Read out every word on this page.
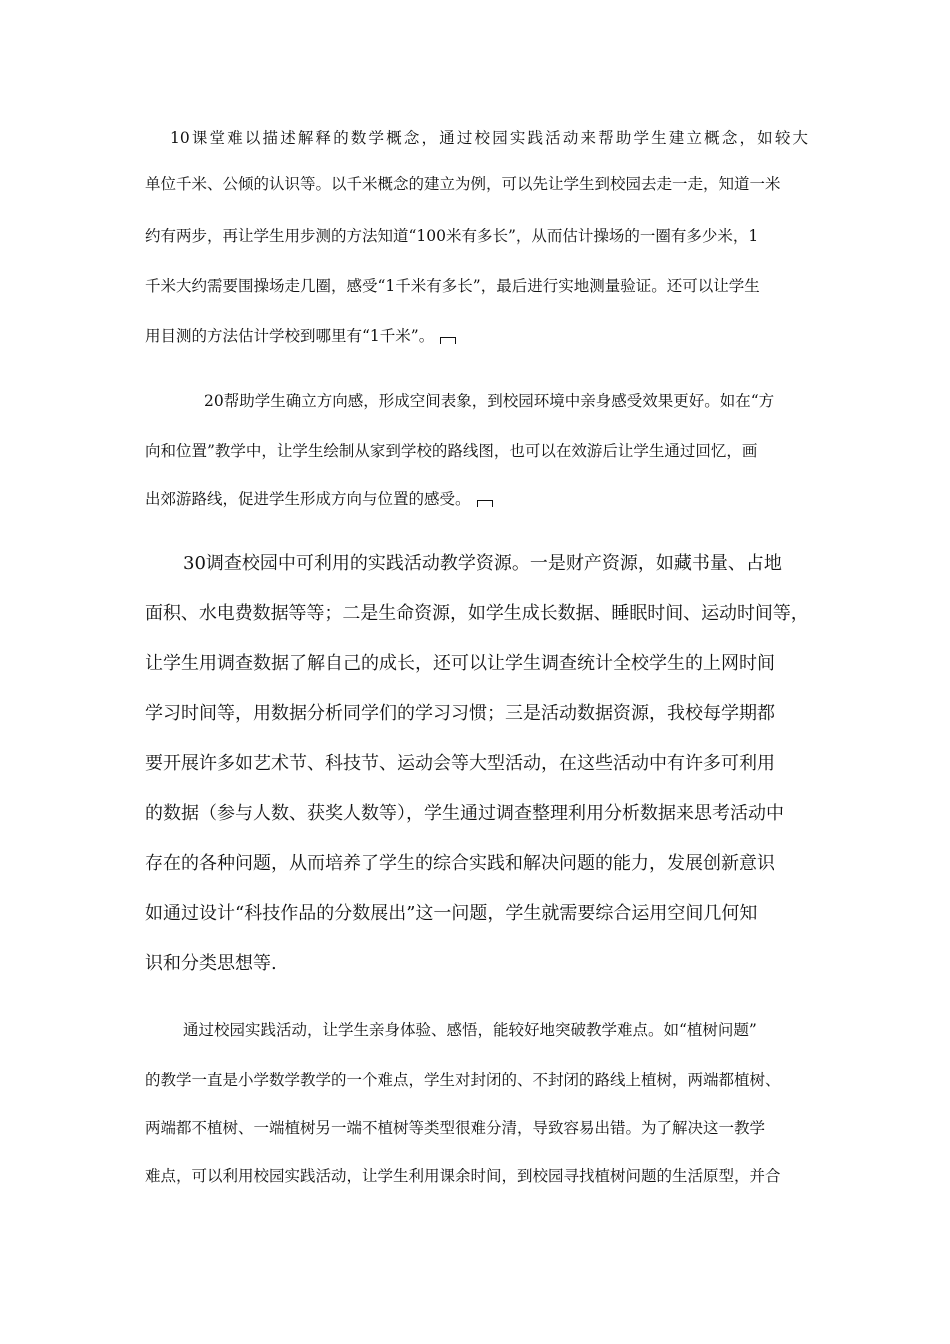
10课堂难以描述解释的数学概念，通过校园实践活动来帮助学生建立概念，如较大
单位千米、公倾的认识等。以千米概念的建立为例，可以先让学生到校园去走一走，知道一米
约有两步，再让学生用步测的方法知道“100米有多长”，从而估计操场的一圈有多少米，1
千米大约需要围操场走几圈，感受“1千米有多长”，最后进行实地测量验证。还可以让学生
用目测的方法估计学校到哪里有“1千米”。
20帮助学生确立方向感，形成空间表象，到校园环境中亲身感受效果更好。如在“方
向和位置”教学中，让学生绘制从家到学校的路线图，也可以在效游后让学生通过回忆，画
出郊游路线，促进学生形成方向与位置的感受。
30调查校园中可利用的实践活动教学资源。一是财产资源，如藏书量、占地
面积、水电费数据等等；二是生命资源，如学生成长数据、睡眠时间、运动时间等，
让学生用调查数据了解自己的成长，还可以让学生调查统计全校学生的上网时间
学习时间等，用数据分析同学们的学习习惯；三是活动数据资源，我校每学期都
要开展许多如艺术节、科技节、运动会等大型活动，在这些活动中有许多可利用
的数据（参与人数、获奖人数等），学生通过调查整理利用分析数据来思考活动中
存在的各种问题，从而培养了学生的综合实践和解决问题的能力，发展创新意识
如通过设计“科技作品的分数展出”这一问题，学生就需要综合运用空间几何知
识和分类思想等.
通过校园实践活动，让学生亲身体验、感悟，能较好地突破教学难点。如“植树问题”
的教学一直是小学数学教学的一个难点，学生对封闭的、不封闭的路线上植树，两端都植树、
两端都不植树、一端植树另一端不植树等类型很难分清，导致容易出错。为了解决这一教学
难点，可以利用校园实践活动，让学生利用课余时间，到校园寻找植树问题的生活原型，并合
